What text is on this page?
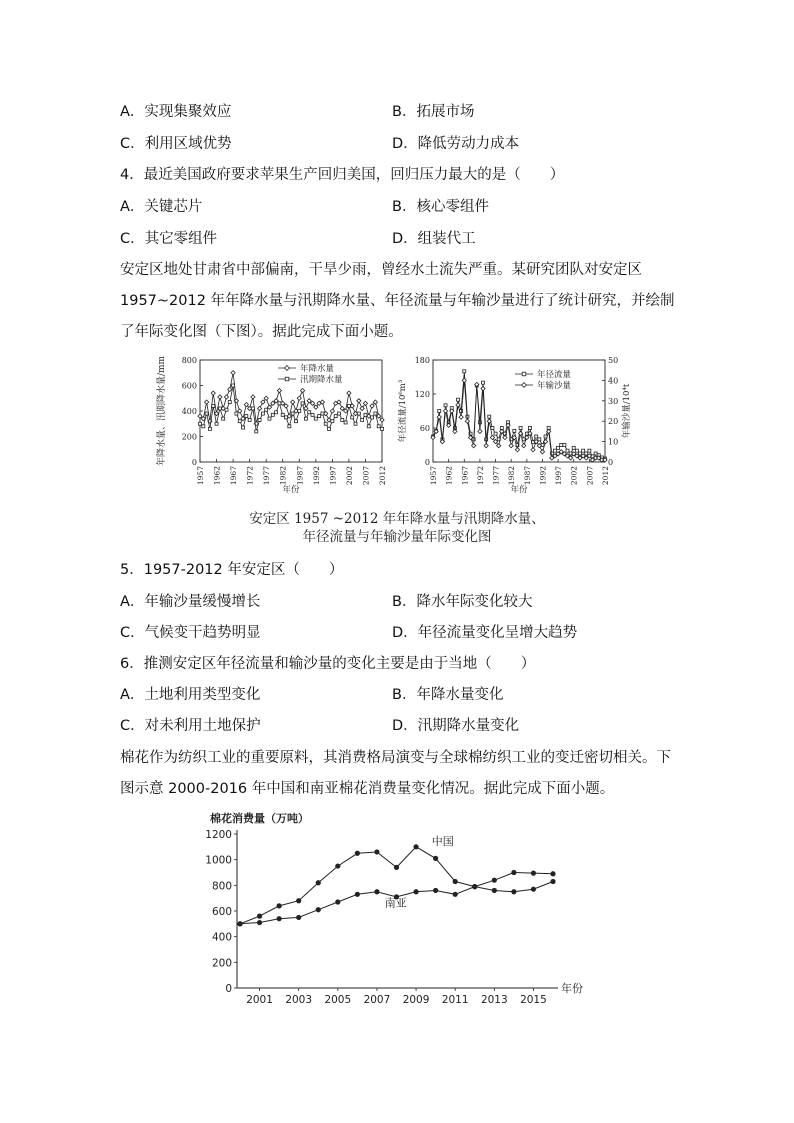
A．实现集聚效应	B．拓展市场
C．利用区域优势	D．降低劳动力成本
4．最近美国政府要求苹果生产回归美国，回归压力最大的是（　　）
A．关键芯片	B．核心零组件
C．其它零组件	D．组装代工
安定区地处甘肃省中部偏南，干旱少雨，曾经水土流失严重。某研究团队对安定区 1957~2012 年年降水量与汛期降水量、年径流量与年输沙量进行了统计研究，并绘制了年际变化图（下图）。据此完成下面小题。
0
200
400
600
800
1957 1962 1967 1972 1977 1982 1987 1992 1997 2002 2007 2012
年降水量、汛期降水量/mm
年份
年降水量
汛期降水量
0
60
120
180
0
10
20
30
40
50
1957 1962 1967 1972 1977 1982 1987 1992 1997 2002 2007 2012
年径流量/10⁶m³	年输沙量/10⁴t
年份
年径流量
年输沙量
安定区 1957 ~2012 年年降水量与汛期降水量、
年径流量与年输沙量年际变化图
5．1957-2012 年安定区（　　）
A．年输沙量缓慢增长	B．降水年际变化较大
C．气候变干趋势明显	D．年径流量变化呈增大趋势
6．推测安定区年径流量和输沙量的变化主要是由于当地（　　）
A．土地利用类型变化	B．年降水量变化
C．对未利用土地保护	D．汛期降水量变化
棉花作为纺织工业的重要原料，其消费格局演变与全球棉纺织工业的变迁密切相关。下图示意 2000-2016 年中国和南亚棉花消费量变化情况。据此完成下面小题。
棉花消费量（万吨）
0
200
400
600
800
1000
1200
2001 2003 2005 2007 2009 2011 2013 2015
年份
中国
南亚
